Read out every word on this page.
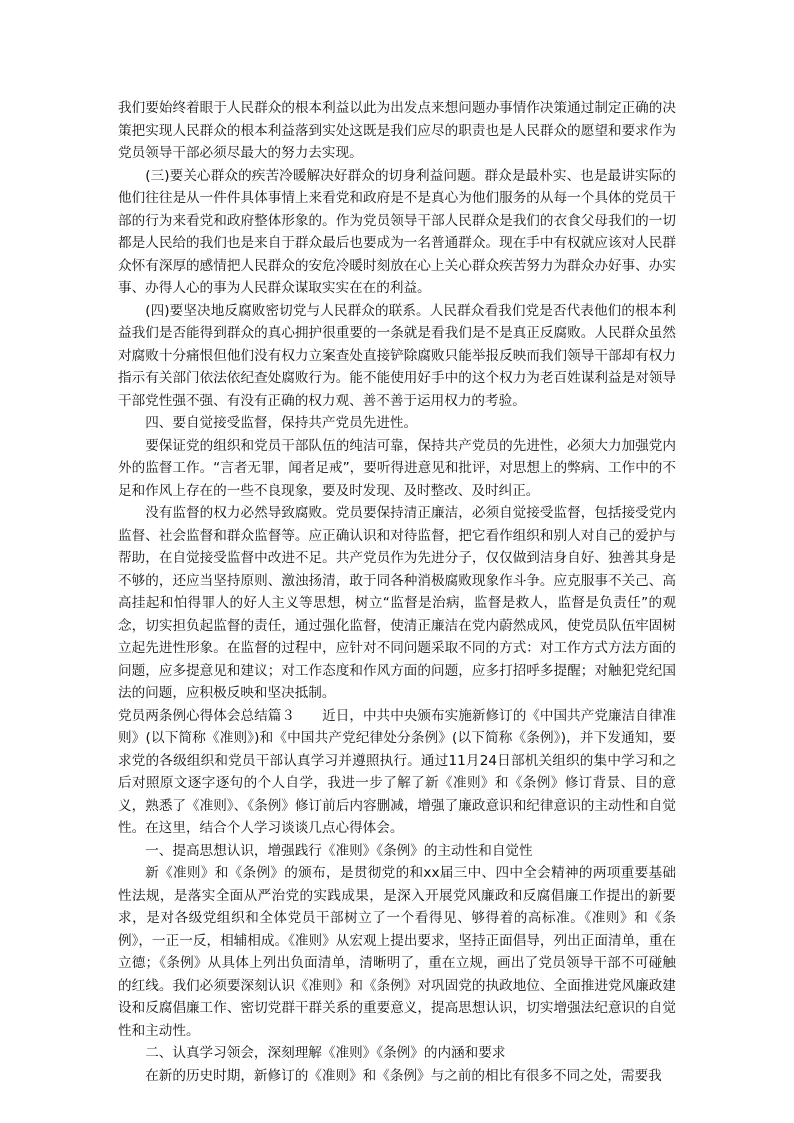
我们要始终着眼于人民群众的根本利益以此为出发点来想问题办事情作决策通过制定正确的决策把实现人民群众的根本利益落到实处这既是我们应尽的职责也是人民群众的愿望和要求作为党员领导干部必须尽最大的努力去实现。

(三)要关心群众的疾苦冷暖解决好群众的切身利益问题。群众是最朴实、也是最讲实际的他们往往是从一件件具体事情上来看党和政府是不是真心为他们服务的从每一个具体的党员干部的行为来看党和政府整体形象的。作为党员领导干部人民群众是我们的衣食父母我们的一切都是人民给的我们也是来自于群众最后也要成为一名普通群众。现在手中有权就应该对人民群众怀有深厚的感情把人民群众的安危冷暖时刻放在心上关心群众疾苦努力为群众办好事、办实事、办得人心的事为人民群众谋取实实在在的利益。

(四)要坚决地反腐败密切党与人民群众的联系。人民群众看我们党是否代表他们的根本利益我们是否能得到群众的真心拥护很重要的一条就是看我们是不是真正反腐败。人民群众虽然对腐败十分痛恨但他们没有权力立案查处直接铲除腐败只能举报反映而我们领导干部却有权力指示有关部门依法依纪查处腐败行为。能不能使用好手中的这个权力为老百姓谋利益是对领导干部党性强不强、有没有正确的权力观、善不善于运用权力的考验。

四、要自觉接受监督，保持共产党员先进性。

要保证党的组织和党员干部队伍的纯洁可靠，保持共产党员的先进性，必须大力加强党内外的监督工作。“言者无罪，闻者足戒”，要听得进意见和批评，对思想上的弊病、工作中的不足和作风上存在的一些不良现象，要及时发现、及时整改、及时纠正。

没有监督的权力必然导致腐败。党员要保持清正廉洁，必须自觉接受监督，包括接受党内监督、社会监督和群众监督等。应正确认识和对待监督，把它看作组织和别人对自己的爱护与帮助，在自觉接受监督中改进不足。共产党员作为先进分子，仅仅做到洁身自好、独善其身是不够的，还应当坚持原则、激浊扬清，敢于同各种消极腐败现象作斗争。应克服事不关己、高高挂起和怕得罪人的好人主义等思想，树立“监督是治病，监督是救人，监督是负责任”的观念，切实担负起监督的责任，通过强化监督，使清正廉洁在党内蔚然成风，使党员队伍牢固树立起先进性形象。在监督的过程中，应针对不同问题采取不同的方式：对工作方式方法方面的问题，应多提意见和建议；对工作态度和作风方面的问题，应多打招呼多提醒；对触犯党纪国法的问题，应积极反映和坚决抵制。

党员两条例心得体会总结篇３　　近日，中共中央颁布实施新修订的《中国共产党廉洁自律准则》(以下简称《准则》)和《中国共产党纪律处分条例》(以下简称《条例》)，并下发通知，要求党的各级组织和党员干部认真学习并遵照执行。通过11月24日部机关组织的集中学习和之后对照原文逐字逐句的个人自学，我进一步了解了新《准则》和《条例》修订背景、目的意义，熟悉了《准则》、《条例》修订前后内容删减，增强了廉政意识和纪律意识的主动性和自觉性。在这里，结合个人学习谈谈几点心得体会。

一、提高思想认识，增强践行《准则》《条例》的主动性和自觉性

新《准则》和《条例》的颁布，是贯彻党的和xx届三中、四中全会精神的两项重要基础性法规，是落实全面从严治党的实践成果，是深入开展党风廉政和反腐倡廉工作提出的新要求，是对各级党组织和全体党员干部树立了一个看得见、够得着的高标准。《准则》和《条例》，一正一反，相辅相成。《准则》从宏观上提出要求，坚持正面倡导，列出正面清单，重在立德；《条例》从具体上列出负面清单，清晰明了，重在立规，画出了党员领导干部不可碰触的红线。我们必须要深刻认识《准则》和《条例》对巩固党的执政地位、全面推进党风廉政建设和反腐倡廉工作、密切党群干群关系的重要意义，提高思想认识，切实增强法纪意识的自觉性和主动性。

二、认真学习领会，深刻理解《准则》《条例》的内涵和要求

在新的历史时期，新修订的《准则》和《条例》与之前的相比有很多不同之处，需要我
